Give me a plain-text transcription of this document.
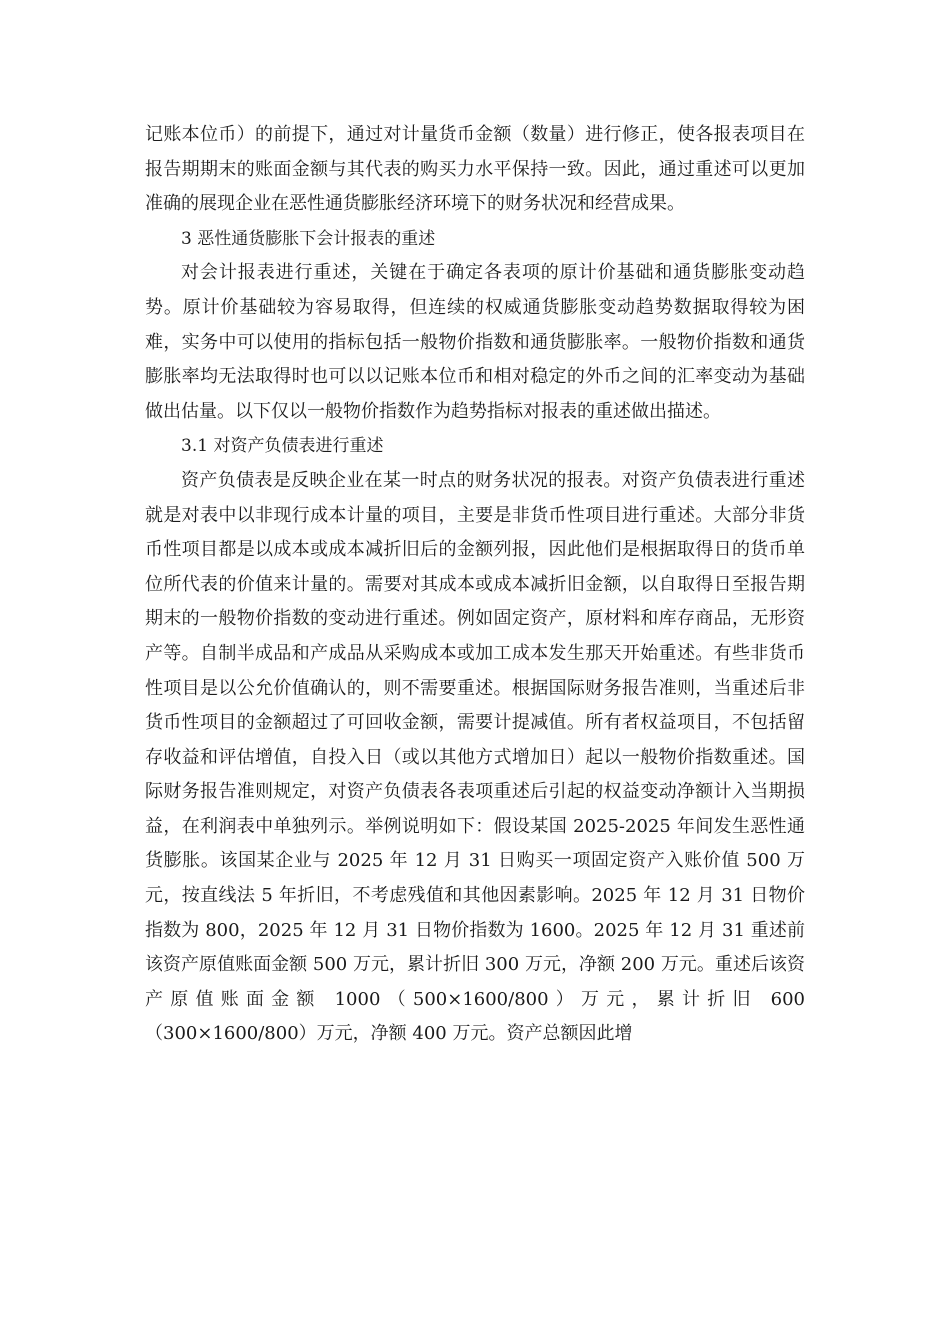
记账本位币）的前提下，通过对计量货币金额（数量）进行修正，使各报表项目在报告期期末的账面金额与其代表的购买力水平保持一致。因此，通过重述可以更加准确的展现企业在恶性通货膨胀经济环境下的财务状况和经营成果。

3 恶性通货膨胀下会计报表的重述

对会计报表进行重述，关键在于确定各表项的原计价基础和通货膨胀变动趋势。原计价基础较为容易取得，但连续的权威通货膨胀变动趋势数据取得较为困难，实务中可以使用的指标包括一般物价指数和通货膨胀率。一般物价指数和通货膨胀率均无法取得时也可以以记账本位币和相对稳定的外币之间的汇率变动为基础做出估量。以下仅以一般物价指数作为趋势指标对报表的重述做出描述。

3.1 对资产负债表进行重述

资产负债表是反映企业在某一时点的财务状况的报表。对资产负债表进行重述就是对表中以非现行成本计量的项目，主要是非货币性项目进行重述。大部分非货币性项目都是以成本或成本减折旧后的金额列报，因此他们是根据取得日的货币单位所代表的价值来计量的。需要对其成本或成本减折旧金额，以自取得日至报告期期末的一般物价指数的变动进行重述。例如固定资产，原材料和库存商品，无形资产等。自制半成品和产成品从采购成本或加工成本发生那天开始重述。有些非货币性项目是以公允价值确认的，则不需要重述。根据国际财务报告准则，当重述后非货币性项目的金额超过了可回收金额，需要计提减值。所有者权益项目，不包括留存收益和评估增值，自投入日（或以其他方式增加日）起以一般物价指数重述。国际财务报告准则规定，对资产负债表各表项重述后引起的权益变动净额计入当期损益，在利润表中单独列示。举例说明如下：假设某国 2025-2025 年间发生恶性通货膨胀。该国某企业与 2025 年 12 月 31 日购买一项固定资产入账价值 500 万元，按直线法 5 年折旧，不考虑残值和其他因素影响。2025 年 12 月 31 日物价指数为 800，2025 年 12 月 31 日物价指数为 1600。2025 年 12 月 31 重述前该资产原值账面金额 500 万元，累计折旧 300 万元，净额 200 万元。重述后该资产原值账面金额 1000（500×1600/800）万元，累计折旧 600（300×1600/800）万元，净额 400 万元。资产总额因此增
